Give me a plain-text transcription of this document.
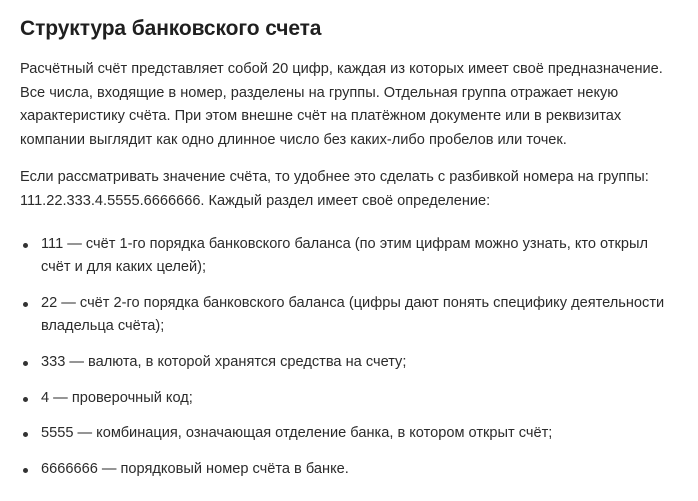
Структура банковского счета

Расчётный счёт представляет собой 20 цифр, каждая из которых имеет своё предназначение. Все числа, входящие в номер, разделены на группы. Отдельная группа отражает некую характеристику счёта. При этом внешне счёт на платёжном документе или в реквизитах компании выглядит как одно длинное число без каких-либо пробелов или точек.

Если рассматривать значение счёта, то удобнее это сделать с разбивкой номера на группы: 111.22.333.4.5555.6666666. Каждый раздел имеет своё определение:

111 — счёт 1-го порядка банковского баланса (по этим цифрам можно узнать, кто открыл счёт и для каких целей);
22 — счёт 2-го порядка банковского баланса (цифры дают понять специфику деятельности владельца счёта);
333 — валюта, в которой хранятся средства на счету;
4 — проверочный код;
5555 — комбинация, означающая отделение банка, в котором открыт счёт;
6666666 — порядковый номер счёта в банке.
